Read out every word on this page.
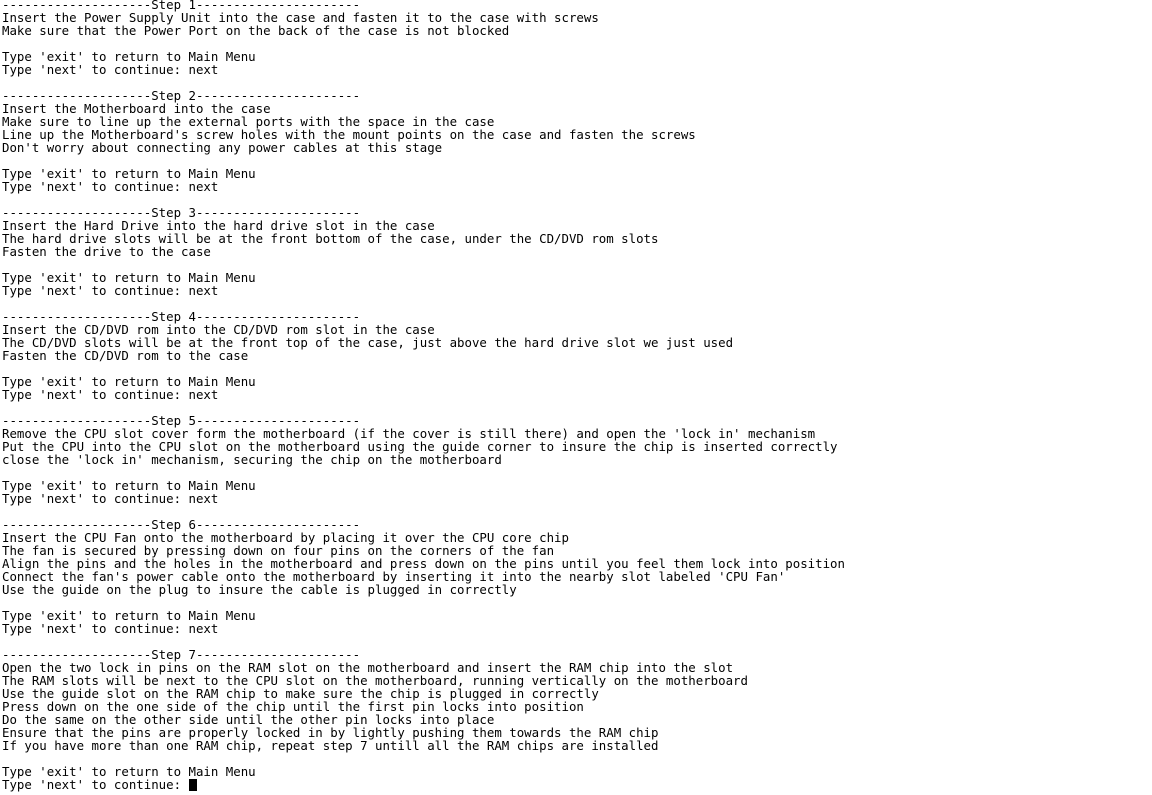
--------------------Step 1----------------------
Insert the Power Supply Unit into the case and fasten it to the case with screws
Make sure that the Power Port on the back of the case is not blocked

Type 'exit' to return to Main Menu
Type 'next' to continue: next

--------------------Step 2----------------------
Insert the Motherboard into the case
Make sure to line up the external ports with the space in the case
Line up the Motherboard's screw holes with the mount points on the case and fasten the screws
Don't worry about connecting any power cables at this stage

Type 'exit' to return to Main Menu
Type 'next' to continue: next

--------------------Step 3----------------------
Insert the Hard Drive into the hard drive slot in the case
The hard drive slots will be at the front bottom of the case, under the CD/DVD rom slots
Fasten the drive to the case

Type 'exit' to return to Main Menu
Type 'next' to continue: next

--------------------Step 4----------------------
Insert the CD/DVD rom into the CD/DVD rom slot in the case
The CD/DVD slots will be at the front top of the case, just above the hard drive slot we just used
Fasten the CD/DVD rom to the case

Type 'exit' to return to Main Menu
Type 'next' to continue: next

--------------------Step 5----------------------
Remove the CPU slot cover form the motherboard (if the cover is still there) and open the 'lock in' mechanism
Put the CPU into the CPU slot on the motherboard using the guide corner to insure the chip is inserted correctly
close the 'lock in' mechanism, securing the chip on the motherboard

Type 'exit' to return to Main Menu
Type 'next' to continue: next

--------------------Step 6----------------------
Insert the CPU Fan onto the motherboard by placing it over the CPU core chip
The fan is secured by pressing down on four pins on the corners of the fan
Align the pins and the holes in the motherboard and press down on the pins until you feel them lock into position
Connect the fan's power cable onto the motherboard by inserting it into the nearby slot labeled 'CPU Fan'
Use the guide on the plug to insure the cable is plugged in correctly

Type 'exit' to return to Main Menu
Type 'next' to continue: next

--------------------Step 7----------------------
Open the two lock in pins on the RAM slot on the motherboard and insert the RAM chip into the slot
The RAM slots will be next to the CPU slot on the motherboard, running vertically on the motherboard
Use the guide slot on the RAM chip to make sure the chip is plugged in correctly
Press down on the one side of the chip until the first pin locks into position
Do the same on the other side until the other pin locks into place
Ensure that the pins are properly locked in by lightly pushing them towards the RAM chip
If you have more than one RAM chip, repeat step 7 untill all the RAM chips are installed

Type 'exit' to return to Main Menu
Type 'next' to continue:
